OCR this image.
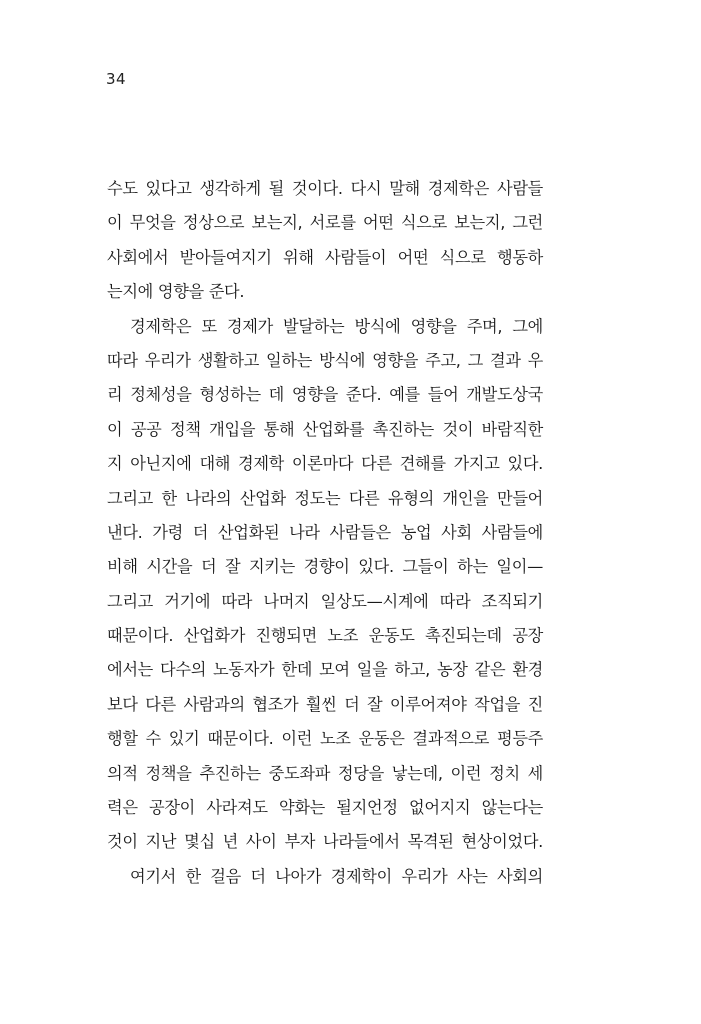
34
수도 있다고 생각하게 될 것이다. 다시 말해 경제학은 사람들
이 무엇을 정상으로 보는지, 서로를 어떤 식으로 보는지, 그런
사회에서 받아들여지기 위해 사람들이 어떤 식으로 행동하
는지에 영향을 준다.
경제학은 또 경제가 발달하는 방식에 영향을 주며, 그에
따라 우리가 생활하고 일하는 방식에 영향을 주고, 그 결과 우
리 정체성을 형성하는 데 영향을 준다. 예를 들어 개발도상국
이 공공 정책 개입을 통해 산업화를 촉진하는 것이 바람직한
지 아닌지에 대해 경제학 이론마다 다른 견해를 가지고 있다.
그리고 한 나라의 산업화 정도는 다른 유형의 개인을 만들어
낸다. 가령 더 산업화된 나라 사람들은 농업 사회 사람들에
비해 시간을 더 잘 지키는 경향이 있다. 그들이 하는 일이—
그리고 거기에 따라 나머지 일상도—시계에 따라 조직되기
때문이다. 산업화가 진행되면 노조 운동도 촉진되는데 공장
에서는 다수의 노동자가 한데 모여 일을 하고, 농장 같은 환경
보다 다른 사람과의 협조가 훨씬 더 잘 이루어져야 작업을 진
행할 수 있기 때문이다. 이런 노조 운동은 결과적으로 평등주
의적 정책을 추진하는 중도좌파 정당을 낳는데, 이런 정치 세
력은 공장이 사라져도 약화는 될지언정 없어지지 않는다는
것이 지난 몇십 년 사이 부자 나라들에서 목격된 현상이었다.
여기서 한 걸음 더 나아가 경제학이 우리가 사는 사회의
